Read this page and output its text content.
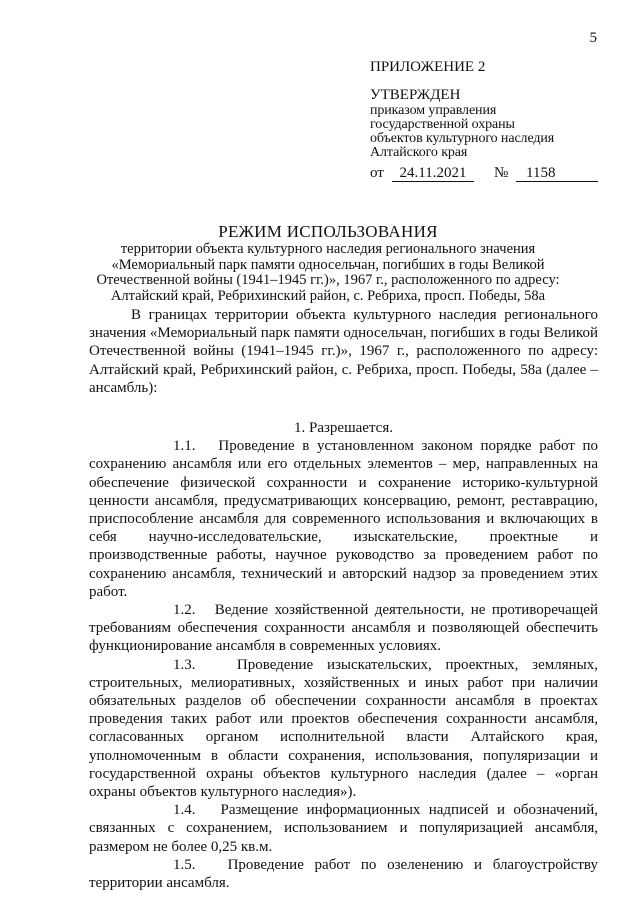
5
ПРИЛОЖЕНИЕ 2
УТВЕРЖДЕН
приказом управления
государственной охраны
объектов культурного наследия
Алтайского края
от 24.11.2021 № 1158
РЕЖИМ ИСПОЛЬЗОВАНИЯ
территории объекта культурного наследия регионального значения
«Мемориальный парк памяти односельчан, погибших в годы Великой
Отечественной войны (1941–1945 гг.)», 1967 г., расположенного по адресу:
Алтайский край, Ребрихинский район, с. Ребриха, просп. Победы, 58а

В границах территории объекта культурного наследия регионального значения «Мемориальный парк памяти односельчан, погибших в годы Великой Отечественной войны (1941–1945 гг.)», 1967 г., расположенного по адресу: Алтайский край, Ребрихинский район, с. Ребриха, просп. Победы, 58а (далее – ансамбль):

1. Разрешается.

1.1. Проведение в установленном законом порядке работ по сохранению ансамбля или его отдельных элементов – мер, направленных на обеспечение физической сохранности и сохранение историко-культурной ценности ансамбля, предусматривающих консервацию, ремонт, реставрацию, приспособление ансамбля для современного использования и включающих в себя научно-исследовательские, изыскательские, проектные и производственные работы, научное руководство за проведением работ по сохранению ансамбля, технический и авторский надзор за проведением этих работ.

1.2. Ведение хозяйственной деятельности, не противоречащей требованиям обеспечения сохранности ансамбля и позволяющей обеспечить функционирование ансамбля в современных условиях.

1.3.	Проведение изыскательских, проектных, земляных, строительных, мелиоративных, хозяйственных и иных работ при наличии обязательных разделов об обеспечении сохранности ансамбля в проектах проведения таких работ или проектов обеспечения сохранности ансамбля, согласованных органом исполнительной власти Алтайского края, уполномоченным в области сохранения, использования, популяризации и государственной охраны объектов культурного наследия (далее – «орган охраны объектов культурного наследия»).

1.4. Размещение информационных надписей и обозначений, связанных с сохранением, использованием и популяризацией ансамбля, размером не более 0,25 кв.м.

1.5. Проведение работ по озеленению и благоустройству территории ансамбля.
